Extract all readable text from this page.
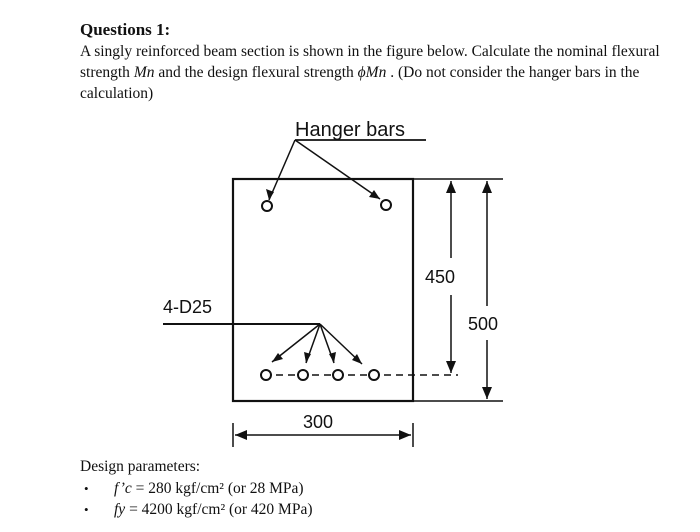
Questions 1:
A singly reinforced beam section is shown in the figure below. Calculate the nominal flexural strength Mn and the design flexural strength ϕMn . (Do not consider the hanger bars in the calculation)
Hanger bars
4-D25
450
500
300
Design parameters:
• f’c = 280 kgf/cm² (or 28 MPa)
• fy = 4200 kgf/cm² (or 420 MPa)
